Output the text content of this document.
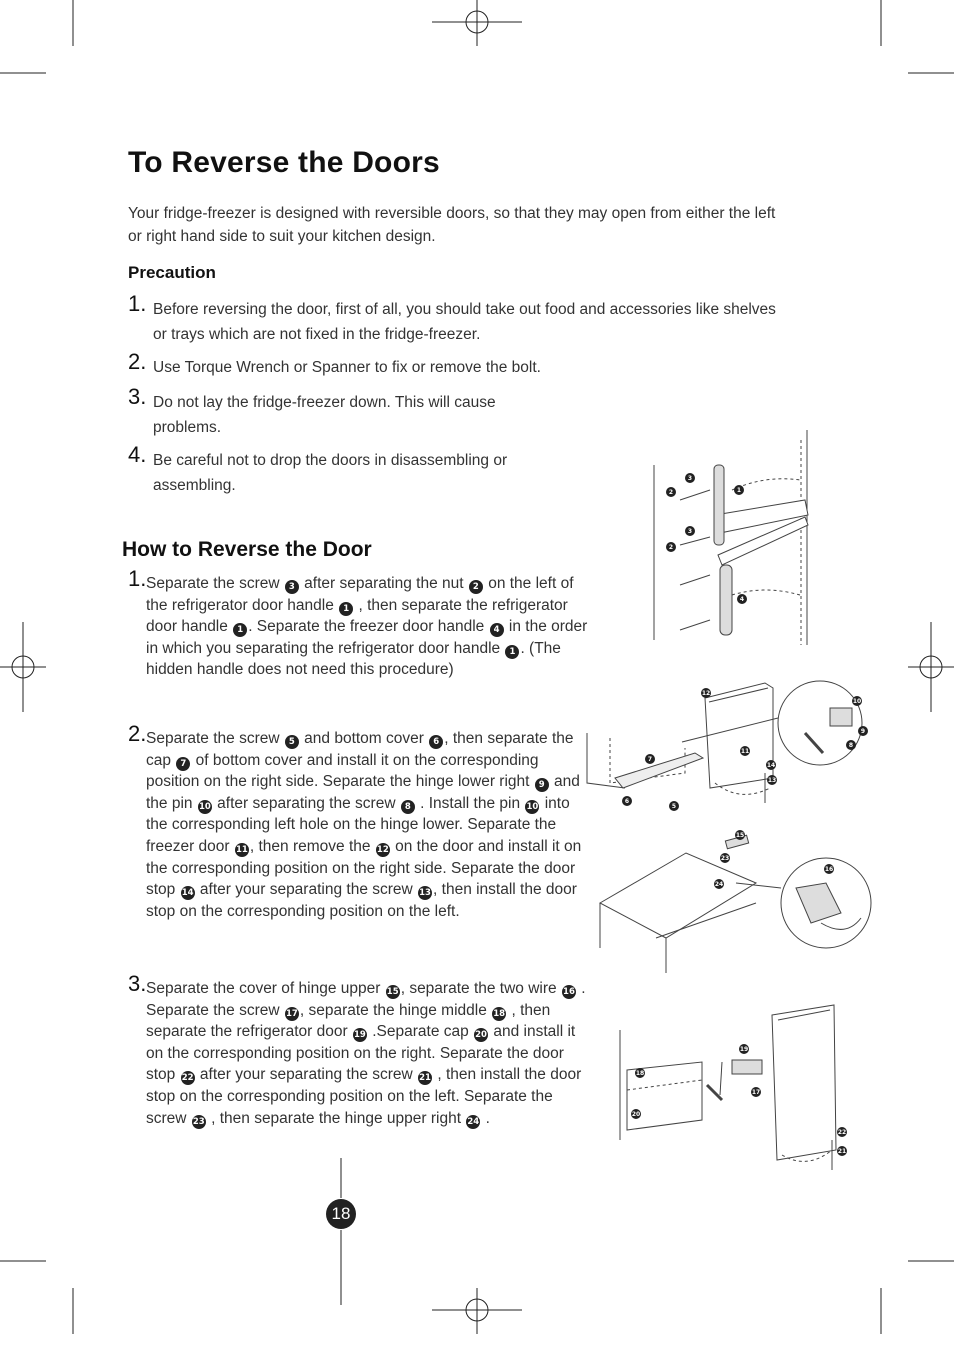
To Reverse the Doors
Your fridge-freezer is designed with reversible doors, so that they may open from either the left or right hand side to suit your kitchen design.
Precaution
1. Before reversing the door, first of all, you should take out food and accessories like shelves or trays which are not fixed in the fridge-freezer.
2. Use Torque Wrench or Spanner to fix or remove the bolt.
3. Do not lay the fridge-freezer down. This will cause problems.
4. Be careful not to drop the doors in disassembling or assembling.
How to Reverse the Door
1. Separate the screw 3 after separating the nut 2 on the left of the refrigerator door handle 1 , then separate the refrigerator door handle 1 . Separate the freezer door handle 4 in the order in which you separating the refrigerator door handle 1 . (The hidden handle does not need this procedure)
2. Separate the screw 5 and bottom cover 6 , then separate the cap 7 of bottom cover and install it on the corresponding position on the right side. Separate the hinge lower right 9 and the pin 10 after separating the screw 8 . Install the pin 10 into the corresponding left hole on the hinge lower. Separate the freezer door 11 , then remove the 12 on the door and install it on the corresponding position on the right side. Separate the door stop 14 after your separating the screw 13 , then install the door stop on the corresponding position on the left.
3. Separate the cover of hinge upper 15 , separate the two wire 16 . Separate the screw 17 , separate the hinge middle 18 , then separate the refrigerator door 19 .Separate cap 20 and install it on the corresponding position on the right. Separate the door stop 22 after your separating the screw 21 , then install the door stop on the corresponding position on the left. Separate the screw 23 , then separate the hinge upper right 24 .
1
2
3
2
3
4
12
10
9
8
7
11
14
13
6
5
15
23
24
16
18
19
17
20
22
21
18
